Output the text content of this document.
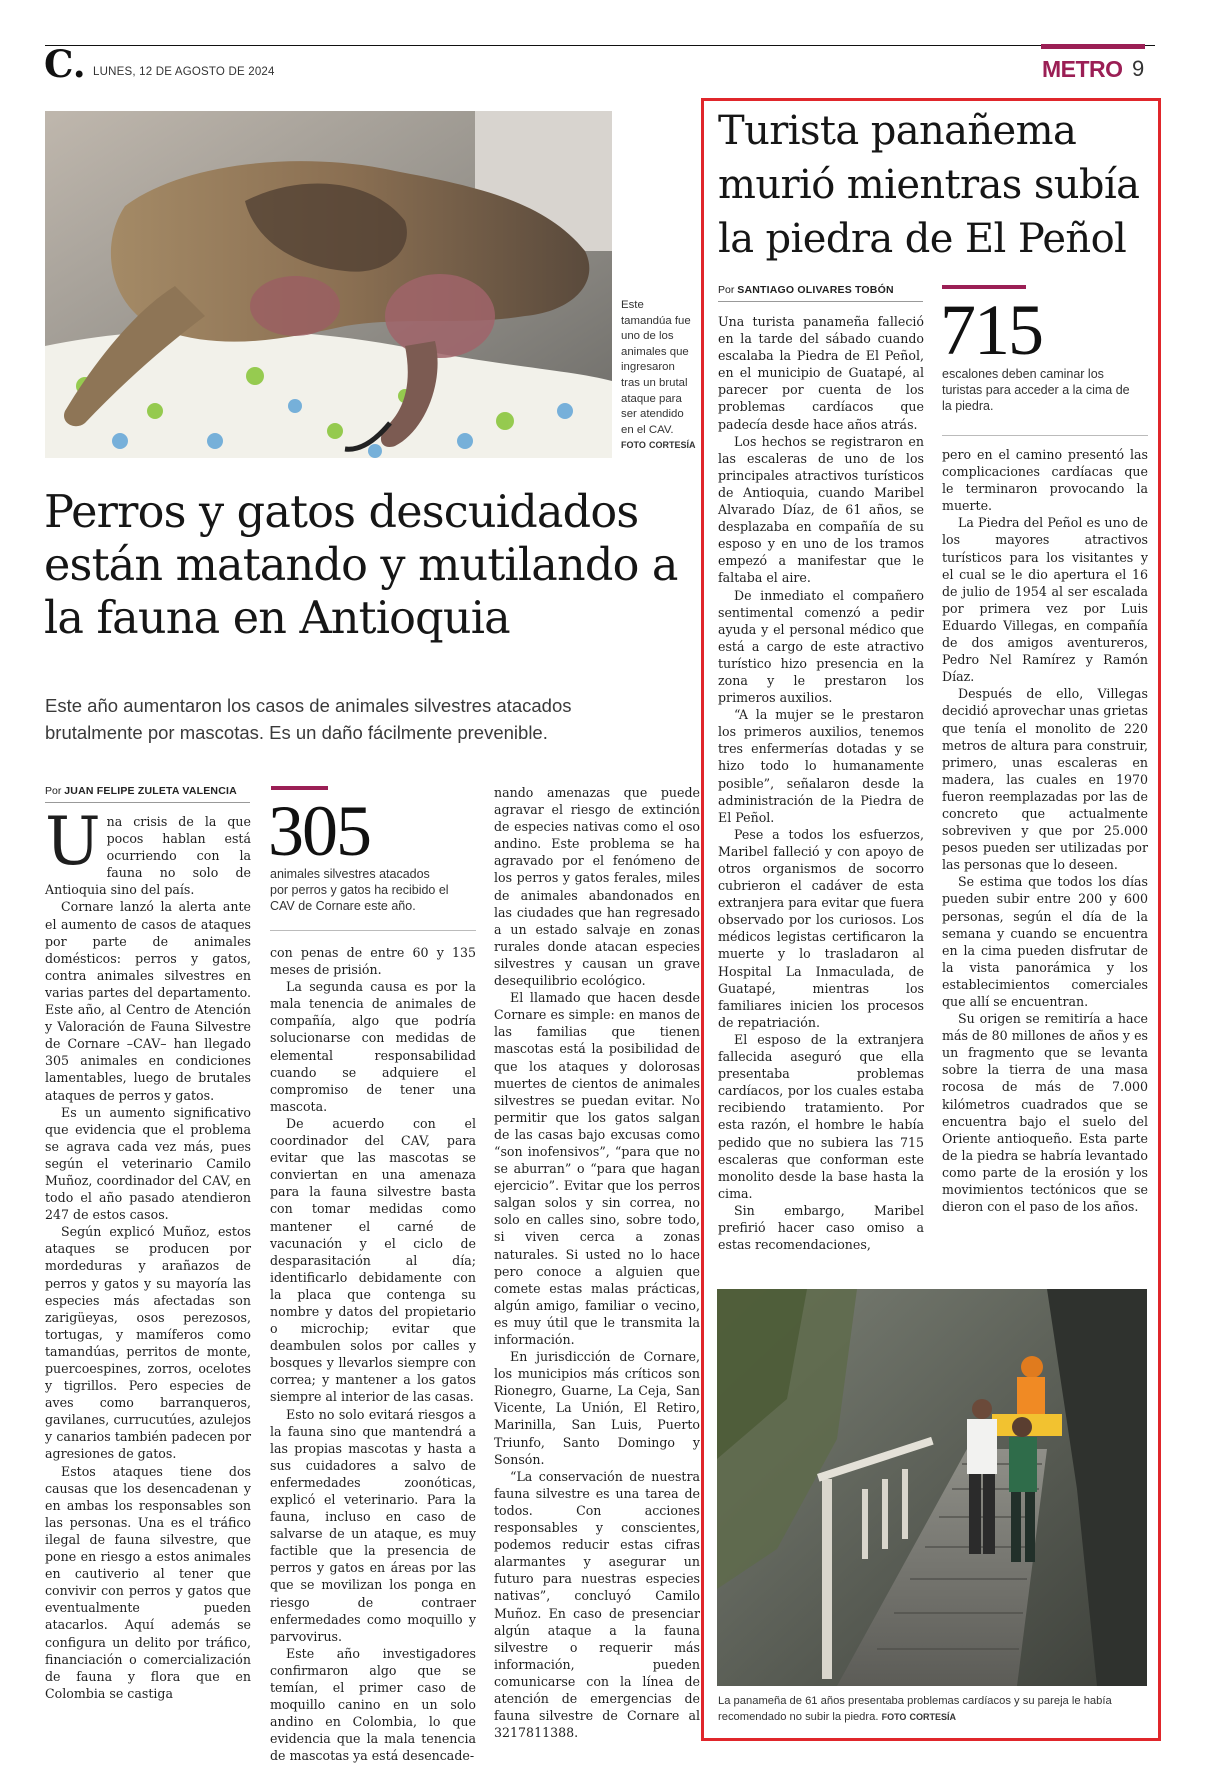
C. LUNES, 12 DE AGOSTO DE 2024	METRO 9
Este tamandúa fue uno de los animales que ingresaron tras un brutal ataque para ser atendido en el CAV. FOTO CORTESÍA
Perros y gatos descuidados están matando y mutilando a la fauna en Antioquia
Este año aumentaron los casos de animales silvestres atacados brutalmente por mascotas. Es un daño fácilmente prevenible.
Por JUAN FELIPE ZULETA VALENCIA 305
animales silvestres atacados por perros y gatos ha recibido el CAV de Cornare este año.

Una crisis de la que pocos hablan está ocurriendo con la fauna no solo de Antioquia sino del país.

Cornare lanzó la alerta ante el aumento de casos de ataques por parte de animales domésticos: perros y gatos, contra animales silvestres en varias partes del departamento. Este año, al Centro de Atención y Valoración de Fauna Silvestre de Cornare –CAV– han llegado 305 animales en condiciones lamentables, luego de brutales ataques de perros y gatos.

Es un aumento significativo que evidencia que el problema se agrava cada vez más, pues según el veterinario Camilo Muñoz, coordinador del CAV, en todo el año pasado atendieron 247 de estos casos.

Según explicó Muñoz, estos ataques se producen por mordeduras y arañazos de perros y gatos y su mayoría las especies más afectadas son zarigüeyas, osos perezosos, tortugas, y mamíferos como tamandúas, perritos de monte, puercoespines, zorros, ocelotes y tigrillos. Pero especies de aves como barranqueros, gavilanes, currucutúes, azulejos y canarios también padecen por agresiones de gatos.

Estos ataques tiene dos causas que los desencadenan y en ambas los responsables son las personas. Una es el tráfico ilegal de fauna silvestre, que pone en riesgo a estos animales en cautiverio al tener que convivir con perros y gatos que eventualmente pueden atacarlos. Aquí además se configura un delito por tráfico, financiación o comercialización de fauna y flora que en Colombia se castiga

con penas de entre 60 y 135 meses de prisión.

La segunda causa es por la mala tenencia de animales de compañía, algo que podría solucionarse con medidas de elemental responsabilidad cuando se adquiere el compromiso de tener una mascota.

De acuerdo con el coordinador del CAV, para evitar que las mascotas se conviertan en una amenaza para la fauna silvestre basta con tomar medidas como mantener el carné de vacunación y el ciclo de desparasitación al día; identificarlo debidamente con la placa que contenga su nombre y datos del propietario o microchip; evitar que deambulen solos por calles y bosques y llevarlos siempre con correa; y mantener a los gatos siempre al interior de las casas.

Esto no solo evitará riesgos a la fauna sino que mantendrá a las propias mascotas y hasta a sus cuidadores a salvo de enfermedades zoonóticas, explicó el veterinario. Para la fauna, incluso en caso de salvarse de un ataque, es muy factible que la presencia de perros y gatos en áreas por las que se movilizan los ponga en riesgo de contraer enfermedades como moquillo y parvovirus.

Este año investigadores confirmaron algo que se temían, el primer caso de moquillo canino en un solo andino en Colombia, lo que evidencia que la mala tenencia de mascotas ya está desencade-

nando amenazas que puede agravar el riesgo de extinción de especies nativas como el oso andino. Este problema se ha agravado por el fenómeno de los perros y gatos ferales, miles de animales abandonados en las ciudades que han regresado a un estado salvaje en zonas rurales donde atacan especies silvestres y causan un grave desequilibrio ecológico.

El llamado que hacen desde Cornare es simple: en manos de las familias que tienen mascotas está la posibilidad de que los ataques y dolorosas muertes de cientos de animales silvestres se puedan evitar. No permitir que los gatos salgan de las casas bajo excusas como “son inofensivos”, “para que no se aburran” o “para que hagan ejercicio”. Evitar que los perros salgan solos y sin correa, no solo en calles sino, sobre todo, si viven cerca a zonas naturales. Si usted no lo hace pero conoce a alguien que comete estas malas prácticas, algún amigo, familiar o vecino, es muy útil que le transmita la información.

En jurisdicción de Cornare, los municipios más críticos son Rionegro, Guarne, La Ceja, San Vicente, La Unión, El Retiro, Marinilla, San Luis, Puerto Triunfo, Santo Domingo y Sonsón.

“La conservación de nuestra fauna silvestre es una tarea de todos. Con acciones responsables y conscientes, podemos reducir estas cifras alarmantes y asegurar un futuro para nuestras especies nativas”, concluyó Camilo Muñoz. En caso de presenciar algún ataque a la fauna silvestre o requerir más información, pueden comunicarse con la línea de atención de emergencias de fauna silvestre de Cornare al 3217811388.

Turista panañema murió mientras subía la piedra de El Peñol
Por SANTIAGO OLIVARES TOBÓN 715
escalones deben caminar los turistas para acceder a la cima de la piedra.

Una turista panameña falleció en la tarde del sábado cuando escalaba la Piedra de El Peñol, en el municipio de Guatapé, al parecer por cuenta de los problemas cardíacos que padecía desde hace años atrás.

Los hechos se registraron en las escaleras de uno de los principales atractivos turísticos de Antioquia, cuando Maribel Alvarado Díaz, de 61 años, se desplazaba en compañía de su esposo y en uno de los tramos empezó a manifestar que le faltaba el aire.

De inmediato el compañero sentimental comenzó a pedir ayuda y el personal médico que está a cargo de este atractivo turístico hizo presencia en la zona y le prestaron los primeros auxilios.

“A la mujer se le prestaron los primeros auxilios, tenemos tres enfermerías dotadas y se hizo todo lo humanamente posible”, señalaron desde la administración de la Piedra de El Peñol.

Pese a todos los esfuerzos, Maribel falleció y con apoyo de otros organismos de socorro cubrieron el cadáver de esta extranjera para evitar que fuera observado por los curiosos. Los médicos legistas certificaron la muerte y lo trasladaron al Hospital La Inmaculada, de Guatapé, mientras los familiares inicien los procesos de repatriación.

El esposo de la extranjera fallecida aseguró que ella presentaba problemas cardíacos, por los cuales estaba recibiendo tratamiento. Por esta razón, el hombre le había pedido que no subiera las 715 escaleras que conforman este monolito desde la base hasta la cima.

Sin embargo, Maribel prefirió hacer caso omiso a estas recomendaciones,

pero en el camino presentó las complicaciones cardíacas que le terminaron provocando la muerte.

La Piedra del Peñol es uno de los mayores atractivos turísticos para los visitantes y el cual se le dio apertura el 16 de julio de 1954 al ser escalada por primera vez por Luis Eduardo Villegas, en compañía de dos amigos aventureros, Pedro Nel Ramírez y Ramón Díaz.

Después de ello, Villegas decidió aprovechar unas grietas que tenía el monolito de 220 metros de altura para construir, primero, unas escaleras en madera, las cuales en 1970 fueron reemplazadas por las de concreto que actualmente sobreviven y que por 25.000 pesos pueden ser utilizadas por las personas que lo deseen.

Se estima que todos los días pueden subir entre 200 y 600 personas, según el día de la semana y cuando se encuentra en la cima pueden disfrutar de la vista panorámica y los establecimientos comerciales que allí se encuentran.

Su origen se remitiría a hace más de 80 millones de años y es un fragmento que se levanta sobre la tierra de una masa rocosa de más de 7.000 kilómetros cuadrados que se encuentra bajo el suelo del Oriente antioqueño. Esta parte de la piedra se habría levantado como parte de la erosión y los movimientos tectónicos que se dieron con el paso de los años.

La panameña de 61 años presentaba problemas cardíacos y su pareja le había recomendado no subir la piedra. FOTO CORTESÍA
